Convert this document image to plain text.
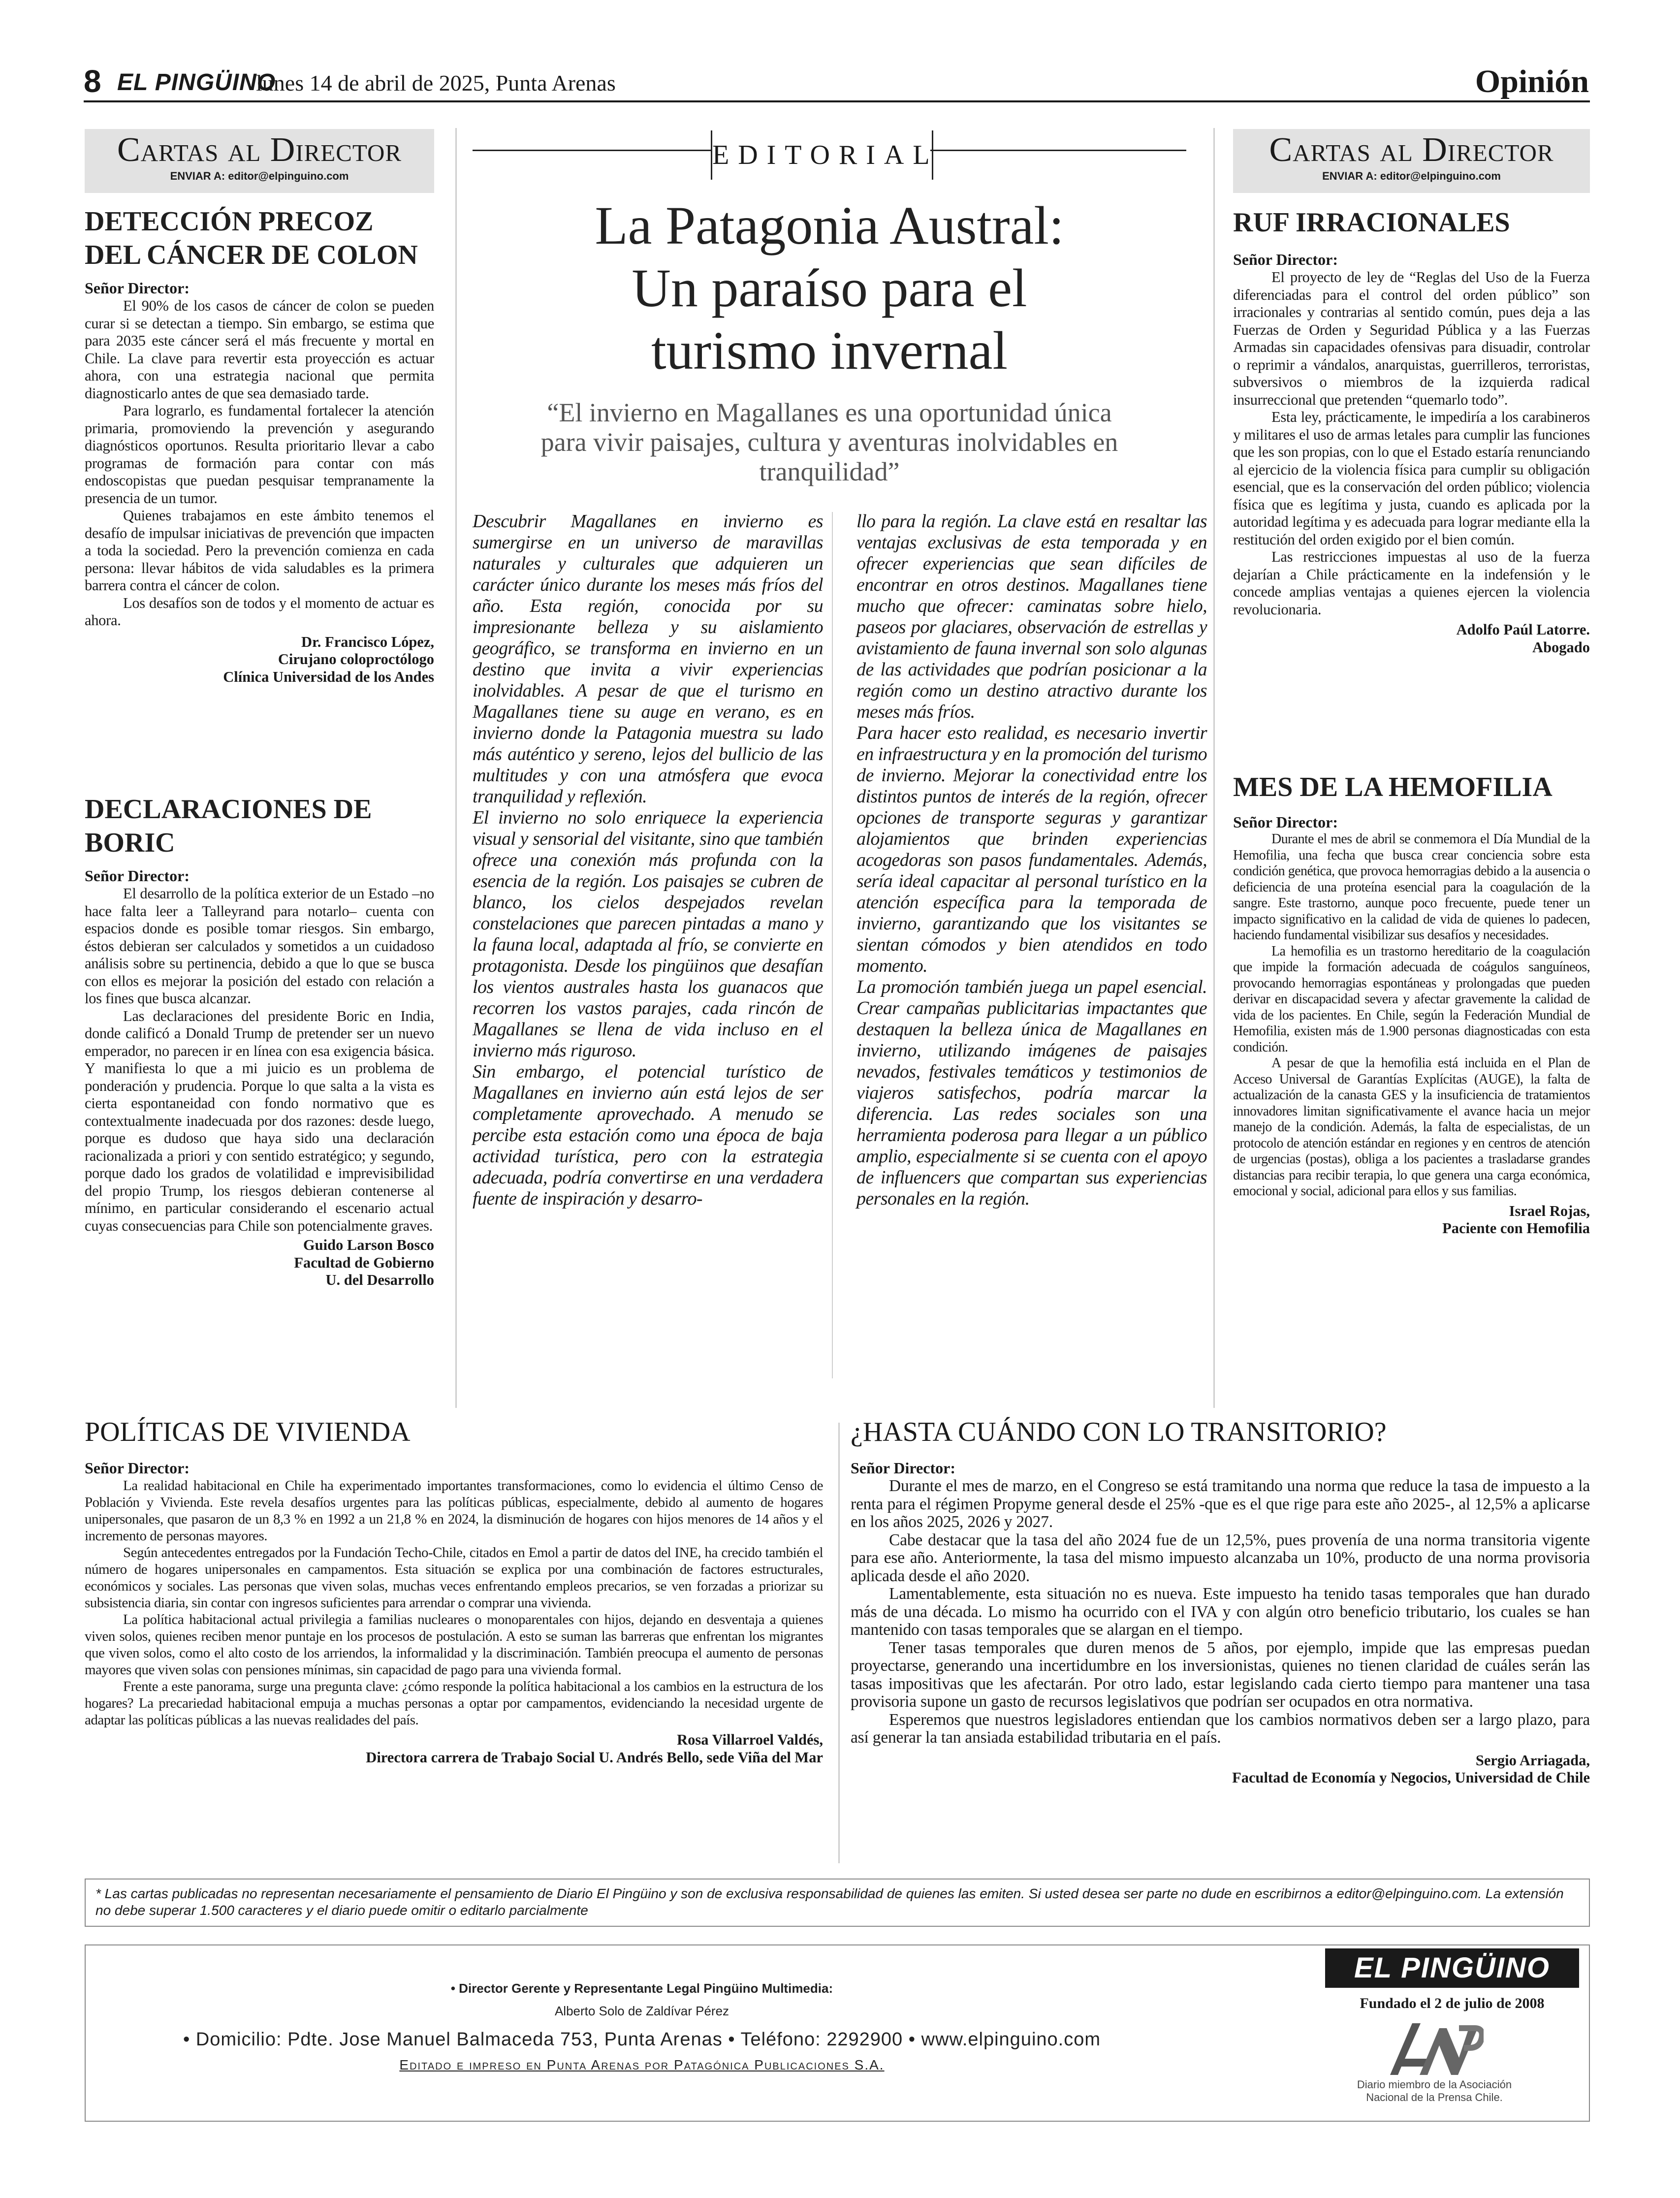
8 EL PINGÜINO
lunes 14 de abril de 2025, Punta Arenas	Opinión
Cartas al Director
ENVIAR A: editor@elpinguino.com
DETECCIÓN PRECOZ DEL CÁNCER DE COLON
Señor Director:

El 90% de los casos de cáncer de colon se pueden curar si se detectan a tiempo. Sin embargo, se estima que para 2035 este cáncer será el más frecuente y mortal en Chile. La clave para revertir esta proyección es actuar ahora, con una estrategia nacional que permita diagnosticarlo antes de que sea demasiado tarde.

Para lograrlo, es fundamental fortalecer la atención primaria, promoviendo la prevención y asegurando diagnósticos oportunos. Resulta prioritario llevar a cabo programas de formación para contar con más endoscopistas que puedan pesquisar tempranamente la presencia de un tumor.

Quienes trabajamos en este ámbito tenemos el desafío de impulsar iniciativas de prevención que impacten a toda la sociedad. Pero la prevención comienza en cada persona: llevar hábitos de vida saludables es la primera barrera contra el cáncer de colon.

Los desafíos son de todos y el momento de actuar es ahora.

Dr. Francisco López,

Cirujano coloproctólogo

Clínica Universidad de los Andes

DECLARACIONES DE BORIC
Señor Director:

El desarrollo de la política exterior de un Estado –no hace falta leer a Talleyrand para notarlo– cuenta con espacios donde es posible tomar riesgos. Sin embargo, éstos debieran ser calculados y sometidos a un cuidadoso análisis sobre su pertinencia, debido a que lo que se busca con ellos es mejorar la posición del estado con relación a los fines que busca alcanzar.

Las declaraciones del presidente Boric en India, donde calificó a Donald Trump de pretender ser un nuevo emperador, no parecen ir en línea con esa exigencia básica. Y manifiesta lo que a mi juicio es un problema de ponderación y prudencia. Porque lo que salta a la vista es cierta espontaneidad con fondo normativo que es contextualmente inadecuada por dos razones: desde luego, porque es dudoso que haya sido una declaración racionalizada a priori y con sentido estratégico; y segundo, porque dado los grados de volatilidad e imprevisibilidad del propio Trump, los riesgos debieran contenerse al mínimo, en particular considerando el escenario actual cuyas consecuencias para Chile son potencialmente graves.

Guido Larson Bosco

Facultad de Gobierno

U. del Desarrollo

EDITORIAL
La Patagonia Austral:
Un paraíso para el
turismo invernal
“El invierno en Magallanes es una oportunidad única
para vivir paisajes, cultura y aventuras inolvidables en
tranquilidad”

Descubrir Magallanes en invierno es sumergirse en un universo de maravillas naturales y culturales que adquieren un carácter único durante los meses más fríos del año. Esta región, conocida por su impresionante belleza y su aislamiento geográfico, se transforma en invierno en un destino que invita a vivir experiencias inolvidables. A pesar de que el turismo en Magallanes tiene su auge en verano, es en invierno donde la Patagonia muestra su lado más auténtico y sereno, lejos del bullicio de las multitudes y con una atmósfera que evoca tranquilidad y reflexión.

El invierno no solo enriquece la experiencia visual y sensorial del visitante, sino que también ofrece una conexión más profunda con la esencia de la región. Los paisajes se cubren de blanco, los cielos despejados revelan constelaciones que parecen pintadas a mano y la fauna local, adaptada al frío, se convierte en protagonista. Desde los pingüinos que desafían los vientos australes hasta los guanacos que recorren los vastos parajes, cada rincón de Magallanes se llena de vida incluso en el invierno más riguroso.

Sin embargo, el potencial turístico de Magallanes en invierno aún está lejos de ser completamente aprovechado. A menudo se percibe esta estación como una época de baja actividad turística, pero con la estrategia adecuada, podría convertirse en una verdadera fuente de inspiración y desarro-

llo para la región. La clave está en resaltar las ventajas exclusivas de esta temporada y en ofrecer experiencias que sean difíciles de encontrar en otros destinos. Magallanes tiene mucho que ofrecer: caminatas sobre hielo, paseos por glaciares, observación de estrellas y avistamiento de fauna invernal son solo algunas de las actividades que podrían posicionar a la región como un destino atractivo durante los meses más fríos.

Para hacer esto realidad, es necesario invertir en infraestructura y en la promoción del turismo de invierno. Mejorar la conectividad entre los distintos puntos de interés de la región, ofrecer opciones de transporte seguras y garantizar alojamientos que brinden experiencias acogedoras son pasos fundamentales. Además, sería ideal capacitar al personal turístico en la atención específica para la temporada de invierno, garantizando que los visitantes se sientan cómodos y bien atendidos en todo momento.

La promoción también juega un papel esencial. Crear campañas publicitarias impactantes que destaquen la belleza única de Magallanes en invierno, utilizando imágenes de paisajes nevados, festivales temáticos y testimonios de viajeros satisfechos, podría marcar la diferencia. Las redes sociales son una herramienta poderosa para llegar a un público amplio, especialmente si se cuenta con el apoyo de influencers que compartan sus experiencias personales en la región.

Cartas al Director
ENVIAR A: editor@elpinguino.com
RUF IRRACIONALES
Señor Director:

El proyecto de ley de “Reglas del Uso de la Fuerza diferenciadas para el control del orden público” son irracionales y contrarias al sentido común, pues deja a las Fuerzas de Orden y Seguridad Pública y a las Fuerzas Armadas sin capacidades ofensivas para disuadir, controlar o reprimir a vándalos, anarquistas, guerrilleros, terroristas, subversivos o miembros de la izquierda radical insurreccional que pretenden “quemarlo todo”.

Esta ley, prácticamente, le impediría a los carabineros y militares el uso de armas letales para cumplir las funciones que les son propias, con lo que el Estado estaría renunciando al ejercicio de la violencia física para cumplir su obligación esencial, que es la conservación del orden público; violencia física que es legítima y justa, cuando es aplicada por la autoridad legítima y es adecuada para lograr mediante ella la restitución del orden exigido por el bien común.

Las restricciones impuestas al uso de la fuerza dejarían a Chile prácticamente en la indefensión y le concede amplias ventajas a quienes ejercen la violencia revolucionaria.

Adolfo Paúl Latorre.

Abogado

MES DE LA HEMOFILIA
Señor Director:

Durante el mes de abril se conmemora el Día Mundial de la Hemofilia, una fecha que busca crear conciencia sobre esta condición genética, que provoca hemorragias debido a la ausencia o deficiencia de una proteína esencial para la coagulación de la sangre. Este trastorno, aunque poco frecuente, puede tener un impacto significativo en la calidad de vida de quienes lo padecen, haciendo fundamental visibilizar sus desafíos y necesidades.

La hemofilia es un trastorno hereditario de la coagulación que impide la formación adecuada de coágulos sanguíneos, provocando hemorragias espontáneas y prolongadas que pueden derivar en discapacidad severa y afectar gravemente la calidad de vida de los pacientes. En Chile, según la Federación Mundial de Hemofilia, existen más de 1.900 personas diagnosticadas con esta condición.

A pesar de que la hemofilia está incluida en el Plan de Acceso Universal de Garantías Explícitas (AUGE), la falta de actualización de la canasta GES y la insuficiencia de tratamientos innovadores limitan significativamente el avance hacia un mejor manejo de la condición. Además, la falta de especialistas, de un protocolo de atención estándar en regiones y en centros de atención de urgencias (postas), obliga a los pacientes a trasladarse grandes distancias para recibir terapia, lo que genera una carga económica, emocional y social, adicional para ellos y sus familias.

Israel Rojas,

Paciente con Hemofilia

POLÍTICAS DE VIVIENDA
Señor Director:

La realidad habitacional en Chile ha experimentado importantes transformaciones, como lo evidencia el último Censo de Población y Vivienda. Este revela desafíos urgentes para las políticas públicas, especialmente, debido al aumento de hogares unipersonales, que pasaron de un 8,3 % en 1992 a un 21,8 % en 2024, la disminución de hogares con hijos menores de 14 años y el incremento de personas mayores.

Según antecedentes entregados por la Fundación Techo-Chile, citados en Emol a partir de datos del INE, ha crecido también el número de hogares unipersonales en campamentos. Esta situación se explica por una combinación de factores estructurales, económicos y sociales. Las personas que viven solas, muchas veces enfrentando empleos precarios, se ven forzadas a priorizar su subsistencia diaria, sin contar con ingresos suficientes para arrendar o comprar una vivienda.

La política habitacional actual privilegia a familias nucleares o monoparentales con hijos, dejando en desventaja a quienes viven solos, quienes reciben menor puntaje en los procesos de postulación. A esto se suman las barreras que enfrentan los migrantes que viven solos, como el alto costo de los arriendos, la informalidad y la discriminación. También preocupa el aumento de personas mayores que viven solas con pensiones mínimas, sin capacidad de pago para una vivienda formal.

Frente a este panorama, surge una pregunta clave: ¿cómo responde la política habitacional a los cambios en la estructura de los hogares? La precariedad habitacional empuja a muchas personas a optar por campamentos, evidenciando la necesidad urgente de adaptar las políticas públicas a las nuevas realidades del país.

Rosa Villarroel Valdés,

Directora carrera de Trabajo Social U. Andrés Bello, sede Viña del Mar

¿HASTA CUÁNDO CON LO TRANSITORIO?
Señor Director:

Durante el mes de marzo, en el Congreso se está tramitando una norma que reduce la tasa de impuesto a la renta para el régimen Propyme general desde el 25% -que es el que rige para este año 2025-, al 12,5% a aplicarse en los años 2025, 2026 y 2027.

Cabe destacar que la tasa del año 2024 fue de un 12,5%, pues provenía de una norma transitoria vigente para ese año. Anteriormente, la tasa del mismo impuesto alcanzaba un 10%, producto de una norma provisoria aplicada desde el año 2020.

Lamentablemente, esta situación no es nueva. Este impuesto ha tenido tasas temporales que han durado más de una década. Lo mismo ha ocurrido con el IVA y con algún otro beneficio tributario, los cuales se han mantenido con tasas temporales que se alargan en el tiempo.

Tener tasas temporales que duren menos de 5 años, por ejemplo, impide que las empresas puedan proyectarse, generando una incertidumbre en los inversionistas, quienes no tienen claridad de cuáles serán las tasas impositivas que les afectarán. Por otro lado, estar legislando cada cierto tiempo para mantener una tasa provisoria supone un gasto de recursos legislativos que podrían ser ocupados en otra normativa.

Esperemos que nuestros legisladores entiendan que los cambios normativos deben ser a largo plazo, para así generar la tan ansiada estabilidad tributaria en el país.

Sergio Arriagada,

Facultad de Economía y Negocios, Universidad de Chile

* Las cartas publicadas no representan necesariamente el pensamiento de Diario El Pingüino y son de exclusiva responsabilidad de quienes las emiten. Si usted desea ser parte no dude en escribirnos a editor@elpinguino.com. La extensión no debe superar 1.500 caracteres y el diario puede omitir o editarlo parcialmente
• Director Gerente y Representante Legal Pingüino Multimedia:
Alberto Solo de Zaldívar Pérez
• Domicilio: Pdte. Jose Manuel Balmaceda 753, Punta Arenas • Teléfono: 2292900 • www.elpinguino.com
Editado e impreso en Punta Arenas por Patagónica Publicaciones S.A.
EL PINGÜINO
Fundado el 2 de julio de 2008
Diario miembro de la Asociación
Nacional de la Prensa Chile.
